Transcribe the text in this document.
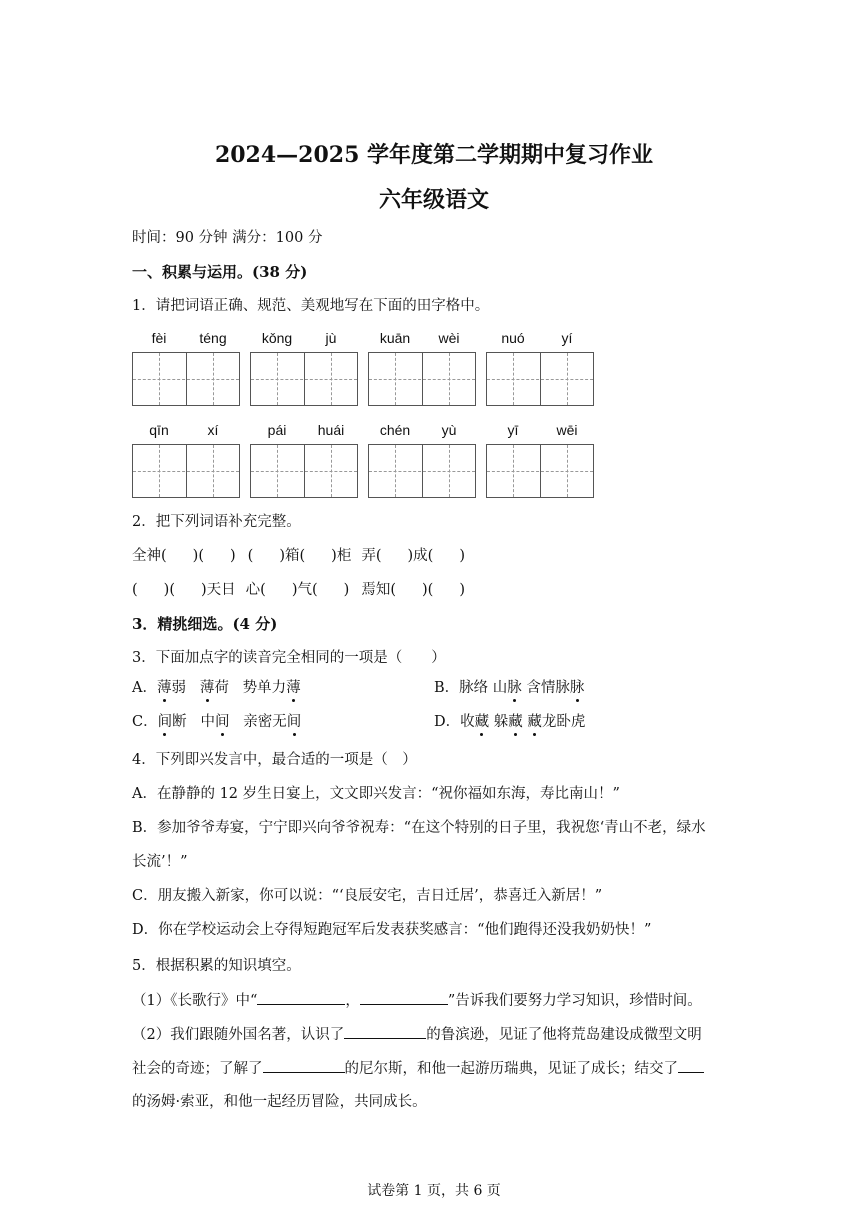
2024—2025 学年度第二学期期中复习作业
六年级语文
时间：90 分钟 满分：100 分
一、积累与运用。(38 分)
1．请把词语正确、规范、美观地写在下面的田字格中。
fèi	téng	kǒng	jù	kuān	wèi	nuó	yí
qīn	xí	pái	huái	chén	yù	yī	wēi
2．把下列词语补充完整。
全神( )( ) ( )箱( )柜 弄( )成( )
( )( )天日 心( )气( ) 焉知( )( )
3．精挑细选。(4 分)
3．下面加点字的读音完全相同的一项是（　　）
A．薄弱 薄荷 势单力薄	B．脉络 山脉 含情脉脉
C．间断 中间 亲密无间	D．收藏 躲藏 藏龙卧虎
4．下列即兴发言中，最合适的一项是（　）
A．在静静的 12 岁生日宴上，文文即兴发言：“祝你福如东海，寿比南山！”
B．参加爷爷寿宴，宁宁即兴向爷爷祝寿：“在这个特别的日子里，我祝您‘青山不老，绿水
长流’！”
C．朋友搬入新家，你可以说：“‘良辰安宅，吉日迁居’，恭喜迁入新居！”
D．你在学校运动会上夺得短跑冠军后发表获奖感言：“他们跑得还没我奶奶快！”
5．根据积累的知识填空。
（1）《长歌行》中“	，	”告诉我们要努力学习知识，珍惜时间。
（2）我们跟随外国名著，认识了	的鲁滨逊，见证了他将荒岛建设成微型文明
社会的奇迹；了解了	的尼尔斯，和他一起游历瑞典，见证了成长；结交了
的汤姆·索亚，和他一起经历冒险，共同成长。
试卷第 1 页，共 6 页
